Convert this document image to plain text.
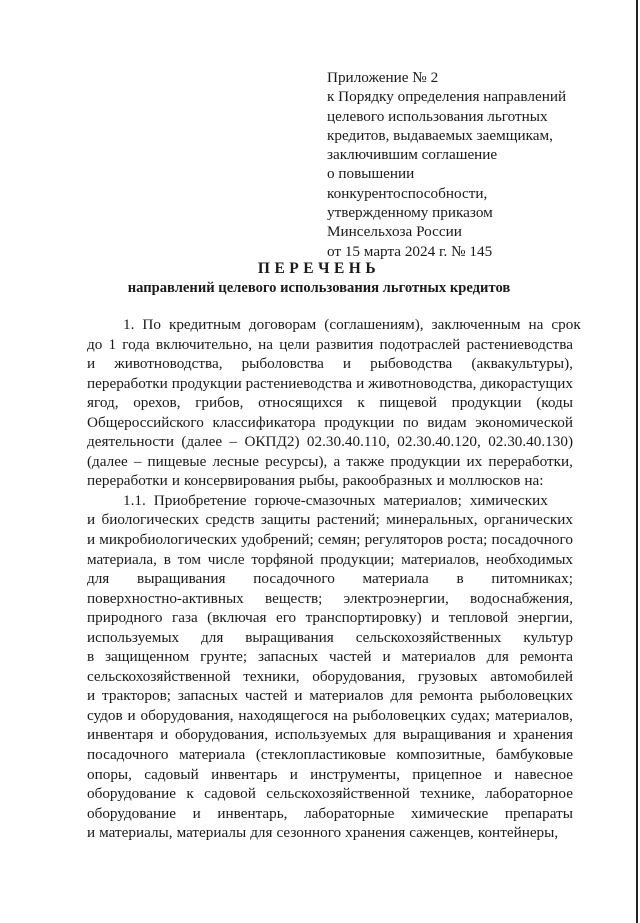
Приложение № 2
к Порядку определения направлений
целевого использования льготных
кредитов, выдаваемых заемщикам,
заключившим соглашение
о повышении
конкурентоспособности,
утвержденному приказом
Минсельхоза России
от 15 марта 2024 г. № 145
ПЕРЕЧЕНЬ
направлений целевого использования льготных кредитов
1. По кредитным договорам (соглашениям), заключенным на срок
до 1 года включительно, на цели развития подотраслей растениеводства
и животноводства, рыболовства и рыбоводства (аквакультуры),
переработки продукции растениеводства и животноводства, дикорастущих
ягод, орехов, грибов, относящихся к пищевой продукции (коды
Общероссийского классификатора продукции по видам экономической
деятельности (далее – ОКПД2) 02.30.40.110, 02.30.40.120, 02.30.40.130)
(далее – пищевые лесные ресурсы), а также продукции их переработки,
переработки и консервирования рыбы, ракообразных и моллюсков на:
1.1. Приобретение горюче-смазочных материалов; химических
и биологических средств защиты растений; минеральных, органических
и микробиологических удобрений; семян; регуляторов роста; посадочного
материала, в том числе торфяной продукции; материалов, необходимых
для выращивания посадочного материала в питомниках;
поверхностно-активных веществ; электроэнергии, водоснабжения,
природного газа (включая его транспортировку) и тепловой энергии,
используемых для выращивания сельскохозяйственных культур
в защищенном грунте; запасных частей и материалов для ремонта
сельскохозяйственной техники, оборудования, грузовых автомобилей
и тракторов; запасных частей и материалов для ремонта рыболовецких
судов и оборудования, находящегося на рыболовецких судах; материалов,
инвентаря и оборудования, используемых для выращивания и хранения
посадочного материала (стеклопластиковые композитные, бамбуковые
опоры, садовый инвентарь и инструменты, прицепное и навесное
оборудование к садовой сельскохозяйственной технике, лабораторное
оборудование и инвентарь, лабораторные химические препараты
и материалы, материалы для сезонного хранения саженцев, контейнеры,
